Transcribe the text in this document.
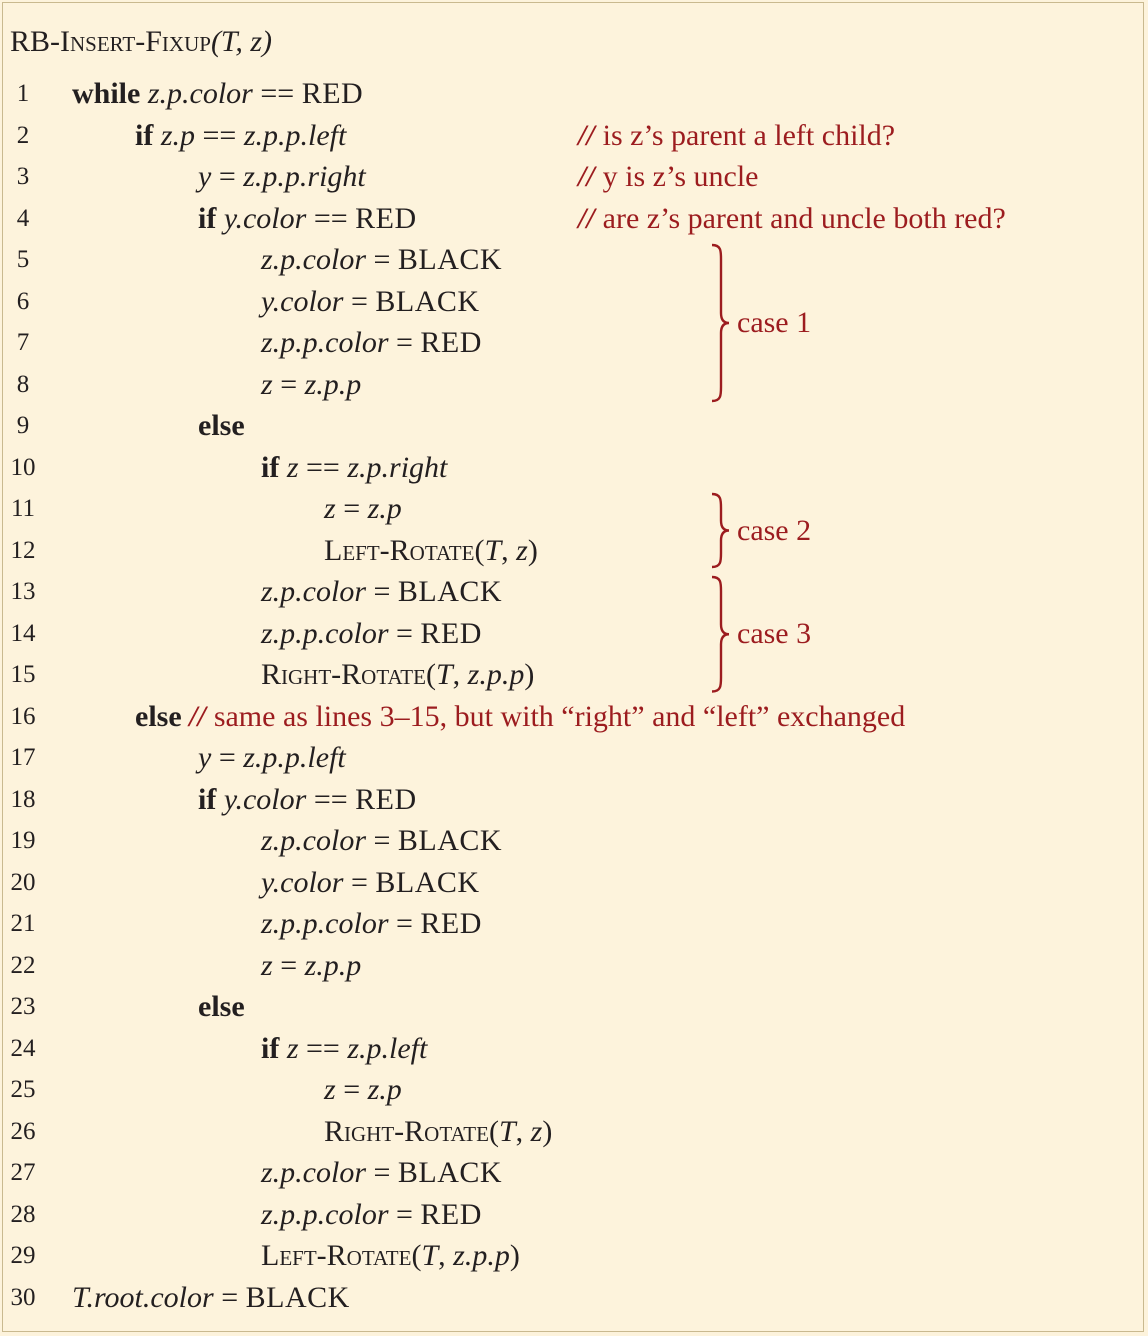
RB-Insert-Fixup(T, z)
1	while z.p.color == RED
2	if z.p == z.p.p.left	// is z’s parent a left child?
3	y = z.p.p.right	// y is z’s uncle
4	if y.color == RED	// are z’s parent and uncle both red?
5	z.p.color = BLACK
6	y.color = BLACK
7	z.p.p.color = RED
8	z = z.p.p
9	else
10	if z == z.p.right
11	z = z.p
12	Left-Rotate(T, z)
13	z.p.color = BLACK
14	z.p.p.color = RED
15	Right-Rotate(T, z.p.p)
16	else // same as lines 3–15, but with “right” and “left” exchanged
17	y = z.p.p.left
18	if y.color == RED
19	z.p.color = BLACK
20	y.color = BLACK
21	z.p.p.color = RED
22	z = z.p.p
23	else
24	if z == z.p.left
25	z = z.p
26	Right-Rotate(T, z)
27	z.p.color = BLACK
28	z.p.p.color = RED
29	Left-Rotate(T, z.p.p)
30 T.root.color = BLACK
case 1
case 2
case 3
